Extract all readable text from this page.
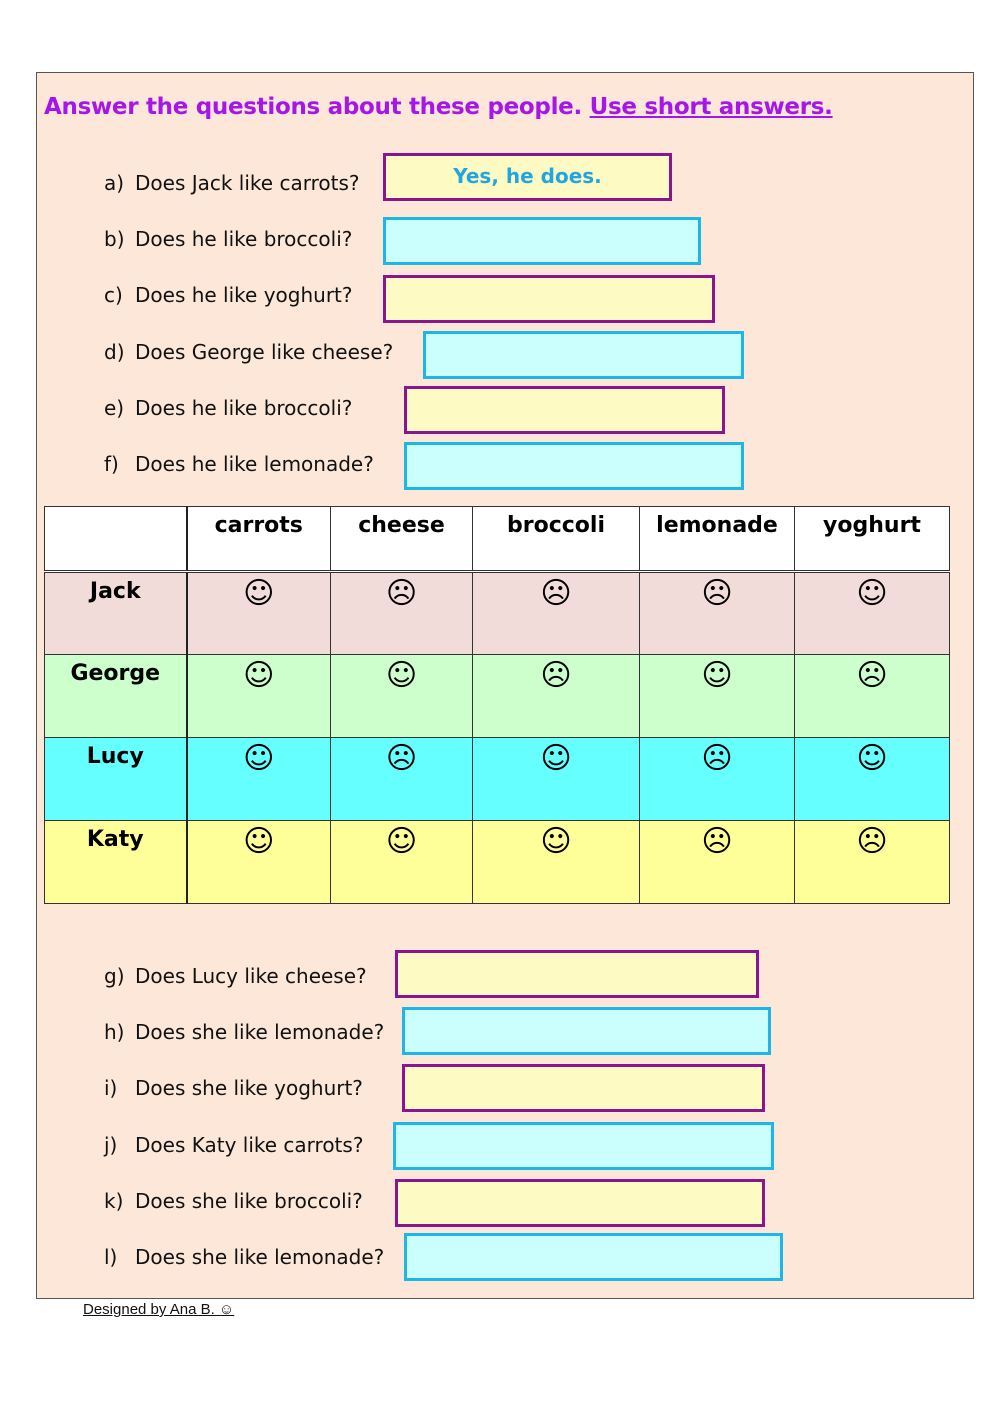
Answer the questions about these people. Use short answers.
a) Does Jack like carrots?	Yes, he does.
b) Does he like broccoli?
c) Does he like yoghurt?
d) Does George like cheese?
e) Does he like broccoli?
f) Does he like lemonade?
	carrots	cheese	broccoli	lemonade	yoghurt
Jack	☺	☹	☹	☹	☺
George	☺	☺	☹	☺	☹
Lucy	☺	☹	☺	☹	☺
Katy	☺	☺	☺	☹	☹
g) Does Lucy like cheese?
h) Does she like lemonade?
i) Does she like yoghurt?
j) Does Katy like carrots?
k) Does she like broccoli?
l) Does she like lemonade?
Designed by Ana B. ☺
